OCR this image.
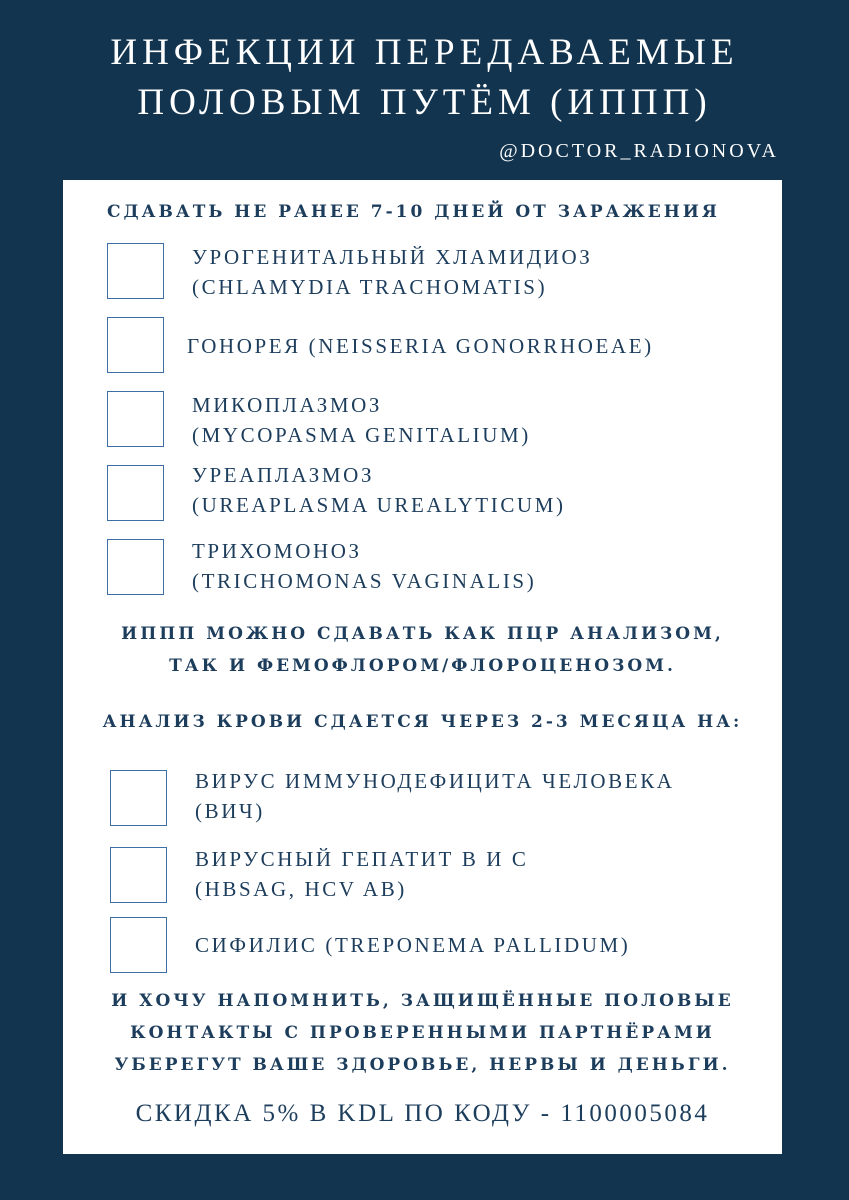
ИНФЕКЦИИ ПЕРЕДАВАЕМЫЕ
ПОЛОВЫМ ПУТЁМ (ИППП)
@DOCTOR_RADIONOVA
СДАВАТЬ НЕ РАНЕЕ 7-10 ДНЕЙ ОТ ЗАРАЖЕНИЯ
УРОГЕНИТАЛЬНЫЙ ХЛАМИДИОЗ
(CHLAMYDIA TRACHOMATIS)
ГОНОРЕЯ (NEISSERIA GONORRHOEAE)
МИКОПЛАЗМОЗ
(MYCOPASMA GENITALIUM)
УРЕАПЛАЗМОЗ
(UREAPLASMA UREALYTICUM)
ТРИХОМОНОЗ
(TRICHOMONAS VAGINALIS)
ИППП МОЖНО СДАВАТЬ КАК ПЦР АНАЛИЗОМ,
ТАК И ФЕМОФЛОРОМ/ФЛОРОЦЕНОЗОМ.
АНАЛИЗ КРОВИ СДАЕТСЯ ЧЕРЕЗ 2-3 МЕСЯЦА НА:
ВИРУС ИММУНОДЕФИЦИТА ЧЕЛОВЕКА
(ВИЧ)
ВИРУСНЫЙ ГЕПАТИТ В И С
(HBSAG, HCV AB)
СИФИЛИС (TREPONEMA PALLIDUM)
И ХОЧУ НАПОМНИТЬ, ЗАЩИЩЁННЫЕ ПОЛОВЫЕ
КОНТАКТЫ С ПРОВЕРЕННЫМИ ПАРТНЁРАМИ
УБЕРЕГУТ ВАШЕ ЗДОРОВЬЕ, НЕРВЫ И ДЕНЬГИ.
СКИДКА 5% В KDL ПО КОДУ - 1100005084
